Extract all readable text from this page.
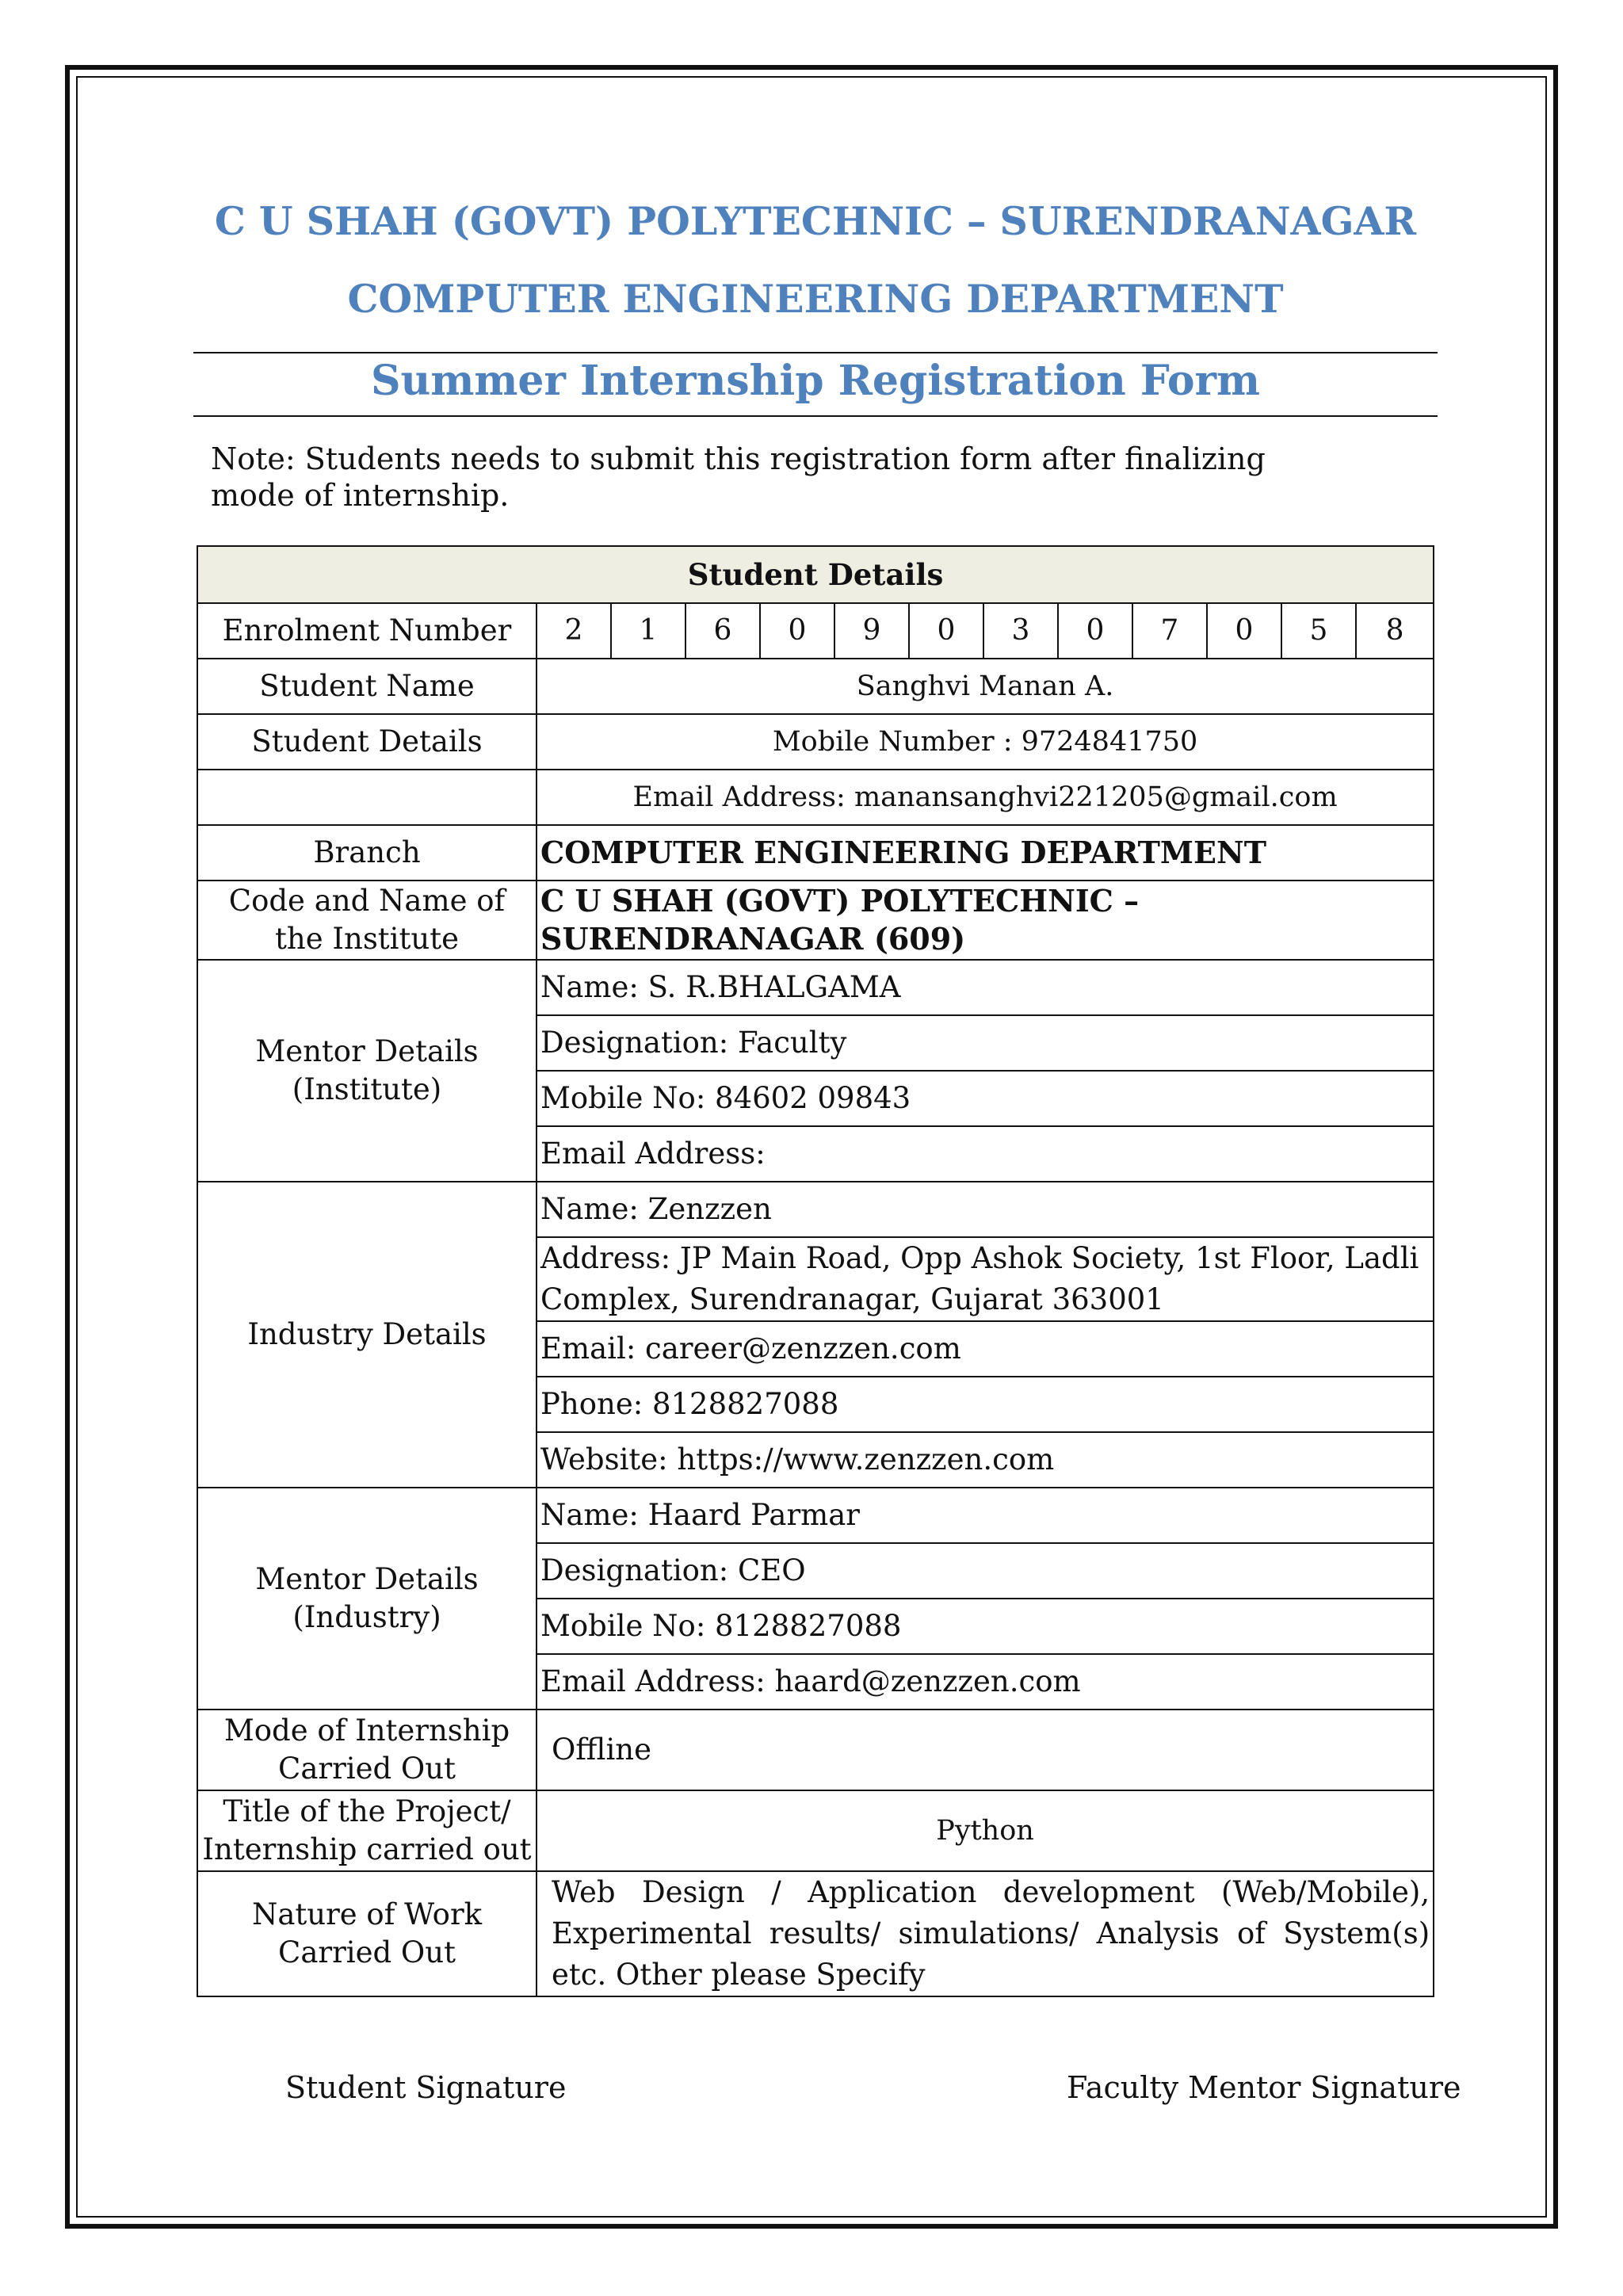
C U SHAH (GOVT) POLYTECHNIC – SURENDRANAGAR
COMPUTER ENGINEERING DEPARTMENT
Summer Internship Registration Form
Note: Students needs to submit this registration form after finalizing mode of internship.
Student Details												
Enrolment Number	2	1	6	0	9	0	3	0	7	0	5	8
Student Name	Sanghvi Manan A.											
Student Details	Mobile Number : 9724841750											
	Email Address: manansanghvi221205@gmail.com											
Branch	COMPUTER ENGINEERING DEPARTMENT											
Code and Name of the Institute	C U SHAH (GOVT) POLYTECHNIC – SURENDRANAGAR (609)											
Mentor Details (Institute)	Name: S. R.BHALGAMA											
	Designation: Faculty											
	Mobile No: 84602 09843											
	Email Address:											
Industry Details	Name: Zenzzen											
	Address: JP Main Road, Opp Ashok Society, 1st Floor, Ladli Complex, Surendranagar, Gujarat 363001											
	Email: career@zenzzen.com											
	Phone: 8128827088											
	Website: https://www.zenzzen.com											
Mentor Details (Industry)	Name: Haard Parmar											
	Designation: CEO											
	Mobile No: 8128827088											
	Email Address: haard@zenzzen.com											
Mode of Internship Carried Out	Offline											
Title of the Project/ Internship carried out	Python											
Nature of Work Carried Out	Web Design / Application development (Web/Mobile), Experimental results/ simulations/ Analysis of System(s) etc. Other please Specify											
Student Signature	Faculty Mentor Signature
